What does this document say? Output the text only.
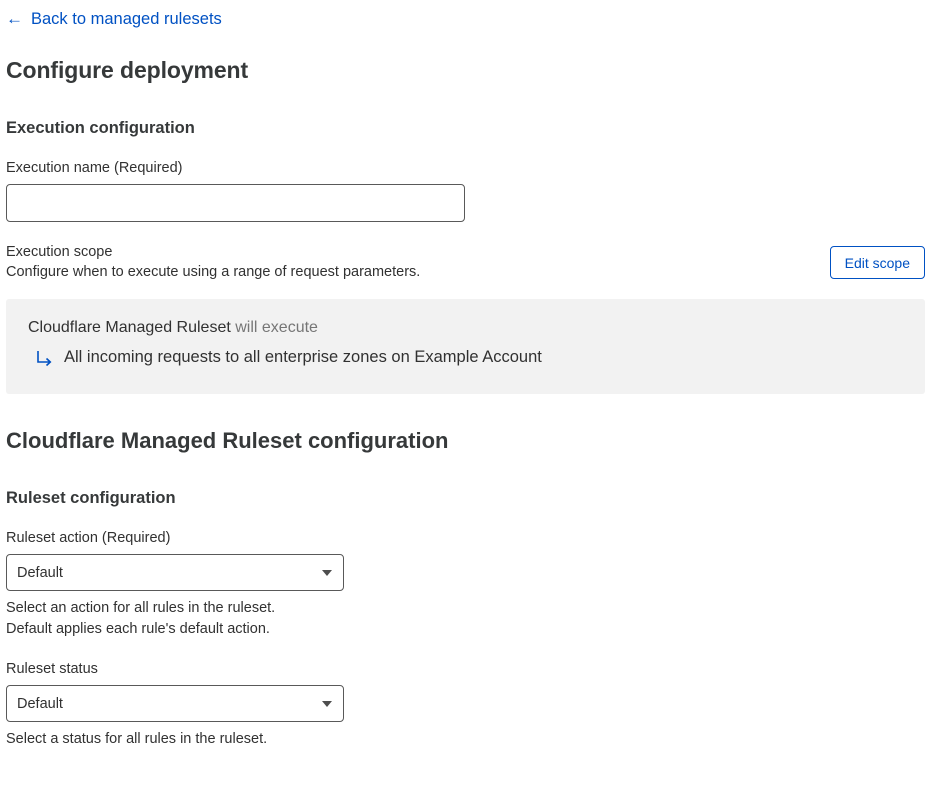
← Back to managed rulesets
Configure deployment
Execution configuration
Execution name (Required)
Execution scope
Configure when to execute using a range of request parameters.
Edit scope
Cloudflare Managed Ruleset will execute
All incoming requests to all enterprise zones on Example Account
Cloudflare Managed Ruleset configuration
Ruleset configuration
Ruleset action (Required)
Default
Select an action for all rules in the ruleset.
Default applies each rule's default action.
Ruleset status
Default
Select a status for all rules in the ruleset.
